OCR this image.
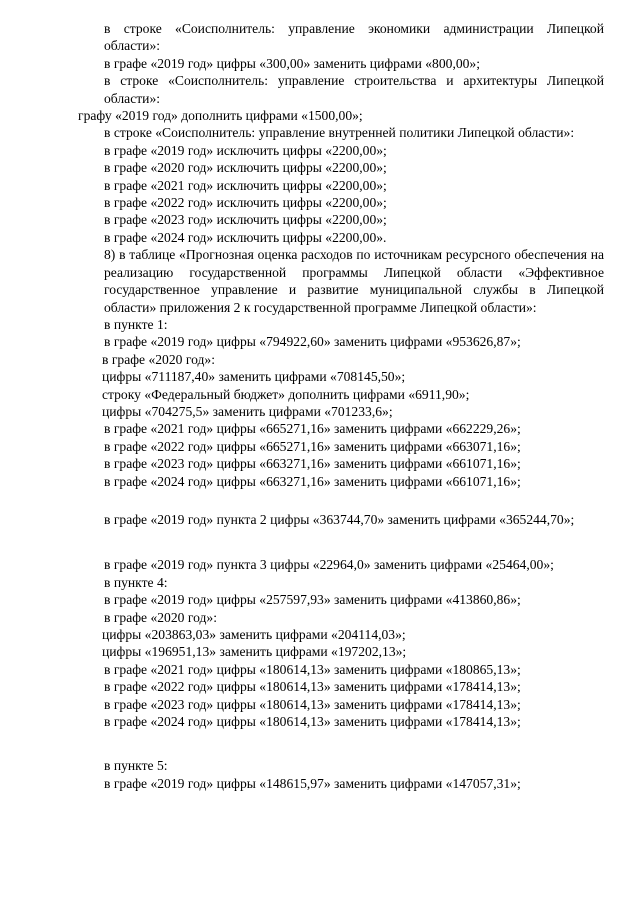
в строке «Соисполнитель: управление экономики администрации Липецкой области»:
в графе «2019 год» цифры «300,00» заменить цифрами «800,00»;
в строке «Соисполнитель: управление строительства и архитектуры Липецкой области»:
графу «2019 год» дополнить цифрами «1500,00»;
в строке «Соисполнитель: управление внутренней политики Липецкой области»:
в графе «2019 год» исключить цифры «2200,00»;
в графе «2020 год» исключить цифры «2200,00»;
в графе «2021 год» исключить цифры «2200,00»;
в графе «2022 год» исключить цифры «2200,00»;
в графе «2023 год» исключить цифры «2200,00»;
в графе «2024 год» исключить цифры «2200,00».
8) в таблице «Прогнозная оценка расходов по источникам ресурсного обеспечения на реализацию государственной программы Липецкой области «Эффективное государственное управление и развитие муниципальной службы в Липецкой области» приложения 2 к государственной программе Липецкой области»:
в пункте 1:
в графе «2019 год» цифры «794922,60» заменить цифрами «953626,87»;
в графе «2020 год»:
цифры «711187,40» заменить цифрами «708145,50»;
строку «Федеральный бюджет» дополнить цифрами «6911,90»;
цифры «704275,5» заменить цифрами «701233,6»;
в графе «2021 год» цифры «665271,16» заменить цифрами «662229,26»;
в графе «2022 год» цифры «665271,16» заменить цифрами «663071,16»;
в графе «2023 год» цифры «663271,16» заменить цифрами «661071,16»;
в графе «2024 год» цифры «663271,16» заменить цифрами «661071,16»;
в графе «2019 год» пункта 2 цифры «363744,70» заменить цифрами «365244,70»;
в графе «2019 год» пункта 3 цифры «22964,0» заменить цифрами «25464,00»;
в пункте 4:
в графе «2019 год» цифры «257597,93» заменить цифрами «413860,86»;
в графе «2020 год»:
цифры «203863,03» заменить цифрами «204114,03»;
цифры «196951,13» заменить цифрами «197202,13»;
в графе «2021 год» цифры «180614,13» заменить цифрами «180865,13»;
в графе «2022 год» цифры «180614,13» заменить цифрами «178414,13»;
в графе «2023 год» цифры «180614,13» заменить цифрами «178414,13»;
в графе «2024 год» цифры «180614,13» заменить цифрами «178414,13»;
в пункте 5:
в графе «2019 год» цифры «148615,97» заменить цифрами «147057,31»;
